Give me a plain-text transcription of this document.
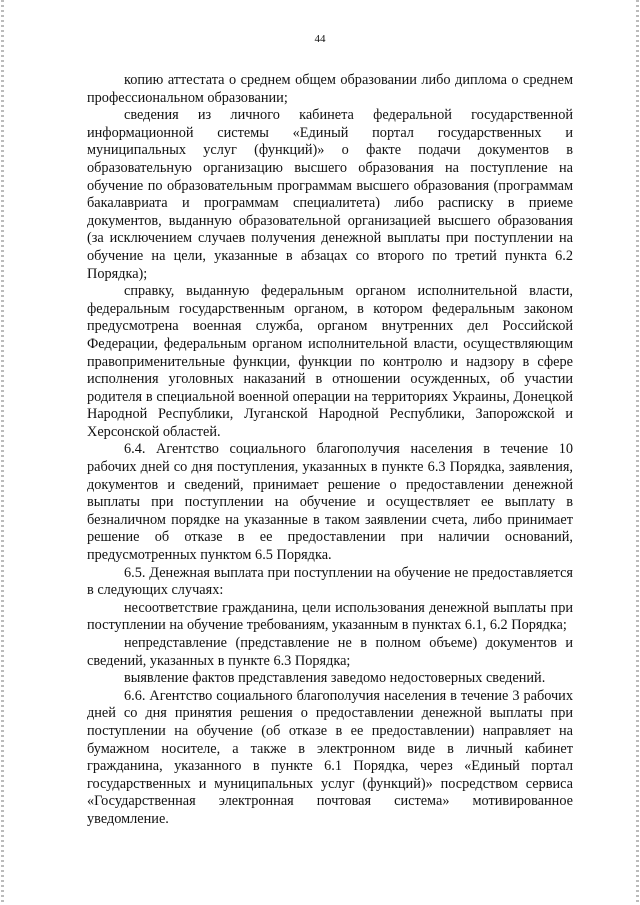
44

копию аттестата о среднем общем образовании либо диплома о среднем профессиональном образовании;

сведения из личного кабинета федеральной государственной информационной системы «Единый портал государственных и муниципальных услуг (функций)» о факте подачи документов в образовательную организацию высшего образования на поступление на обучение по образовательным программам высшего образования (программам бакалавриата и программам специалитета) либо расписку в приеме документов, выданную образовательной организацией высшего образования (за исключением случаев получения денежной выплаты при поступлении на обучение на цели, указанные в абзацах со второго по третий пункта 6.2 Порядка);

справку, выданную федеральным органом исполнительной власти, федеральным государственным органом, в котором федеральным законом предусмотрена военная служба, органом внутренних дел Российской Федерации, федеральным органом исполнительной власти, осуществляющим правоприменительные функции, функции по контролю и надзору в сфере исполнения уголовных наказаний в отношении осужденных, об участии родителя в специальной военной операции на территориях Украины, Донецкой Народной Республики, Луганской Народной Республики, Запорожской и Херсонской областей.

6.4. Агентство социального благополучия населения в течение 10 рабочих дней со дня поступления, указанных в пункте 6.3 Порядка, заявления, документов и сведений, принимает решение о предоставлении денежной выплаты при поступлении на обучение и осуществляет ее выплату в безналичном порядке на указанные в таком заявлении счета, либо принимает решение об отказе в ее предоставлении при наличии оснований, предусмотренных пунктом 6.5 Порядка.

6.5. Денежная выплата при поступлении на обучение не предоставляется в следующих случаях:

несоответствие гражданина, цели использования денежной выплаты при поступлении на обучение требованиям, указанным в пунктах 6.1, 6.2 Порядка;

непредставление (представление не в полном объеме) документов и сведений, указанных в пункте 6.3 Порядка;

выявление фактов представления заведомо недостоверных сведений.

6.6. Агентство социального благополучия населения в течение 3 рабочих дней со дня принятия решения о предоставлении денежной выплаты при поступлении на обучение (об отказе в ее предоставлении) направляет на бумажном носителе, а также в электронном виде в личный кабинет гражданина, указанного в пункте 6.1 Порядка, через «Единый портал государственных и муниципальных услуг (функций)» посредством сервиса «Государственная электронная почтовая система» мотивированное уведомление.
